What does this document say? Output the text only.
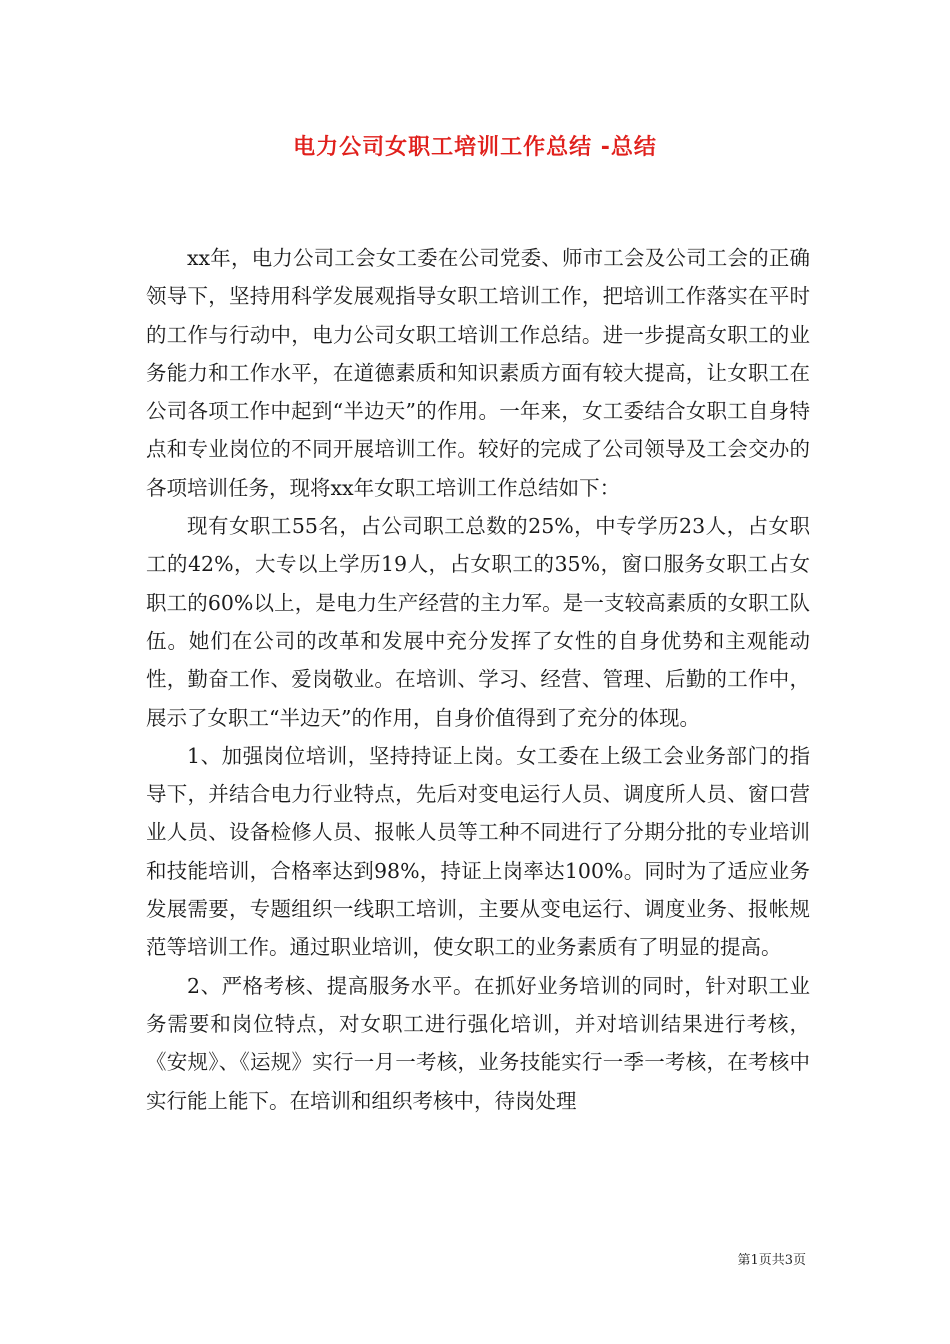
电力公司女职工培训工作总结 -总结

xx年，电力公司工会女工委在公司党委、师市工会及公司工会的正确领导下，坚持用科学发展观指导女职工培训工作，把培训工作落实在平时的工作与行动中，电力公司女职工培训工作总结。进一步提高女职工的业务能力和工作水平，在道德素质和知识素质方面有较大提高，让女职工在公司各项工作中起到“半边天”的作用。一年来，女工委结合女职工自身特点和专业岗位的不同开展培训工作。较好的完成了公司领导及工会交办的各项培训任务，现将xx年女职工培训工作总结如下：

现有女职工55名，占公司职工总数的25%，中专学历23人，占女职工的42%，大专以上学历19人，占女职工的35%，窗口服务女职工占女职工的60%以上，是电力生产经营的主力军。是一支较高素质的女职工队伍。她们在公司的改革和发展中充分发挥了女性的自身优势和主观能动性，勤奋工作、爱岗敬业。在培训、学习、经营、管理、后勤的工作中，展示了女职工“半边天”的作用，自身价值得到了充分的体现。

1、加强岗位培训，坚持持证上岗。女工委在上级工会业务部门的指导下，并结合电力行业特点，先后对变电运行人员、调度所人员、窗口营业人员、设备检修人员、报帐人员等工种不同进行了分期分批的专业培训和技能培训，合格率达到98%，持证上岗率达100%。同时为了适应业务发展需要，专题组织一线职工培训，主要从变电运行、调度业务、报帐规范等培训工作。通过职业培训，使女职工的业务素质有了明显的提高。

2、严格考核、提高服务水平。在抓好业务培训的同时，针对职工业务需要和岗位特点，对女职工进行强化培训，并对培训结果进行考核，《安规》、《运规》实行一月一考核，业务技能实行一季一考核，在考核中实行能上能下。在培训和组织考核中，待岗处理

第1页共3页
